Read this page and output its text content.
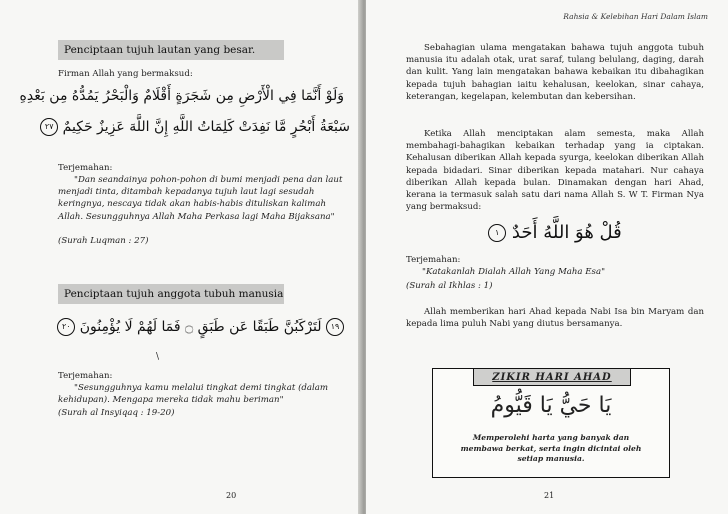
Penciptaan tujuh lautan yang besar.

Firman Allah yang bermaksud:

وَلَوْ أَنَّمَا فِي الْأَرْضِ مِن شَجَرَةٍ أَقْلَامٌ وَالْبَحْرُ يَمُدُّهُ مِن بَعْدِهِ
سَبْعَةُ أَبْحُرٍ مَّا نَفِدَتْ كَلِمَاتُ اللَّهِ إِنَّ اللَّهَ عَزِيزٌ حَكِيمٌ ٢٧

Terjemahan:

"Dan seandainya pohon-pohon di bumi menjadi pena dan laut menjadi tinta, ditambah kepadanya tujuh laut lagi sesudah keringnya, nescaya tidak akan habis-habis dituliskan kalimah Allah. Sesungguhnya Allah Maha Perkasa lagi Maha Bijaksana"

(Surah Luqman : 27)

Penciptaan tujuh anggota tubuh manusia
١٩ لَتَرْكَبُنَّ طَبَقًا عَن طَبَقٍ ۝ فَمَا لَهُمْ لَا يُؤْمِنُونَ ٢٠
\

Terjemahan:

"Sesungguhnya kamu melalui tingkat demi tingkat (dalam kehidupan). Mengapa mereka tidak mahu beriman"

(Surah al Insyiqaq : 19-20)

20
Rahsia & Kelebihan Hari Dalam Islam

Sebahagian ulama mengatakan bahawa tujuh anggota tubuh manusia itu adalah otak, urat saraf, tulang belulang, daging, darah dan kulit. Yang lain mengatakan bahawa kebaikan itu dibahagikan kepada tujuh bahagian iaitu kehalusan, keelokan, sinar cahaya, keterangan, kegelapan, kelembutan dan kebersihan.

Ketika Allah menciptakan alam semesta, maka Allah membahagi-bahagikan kebaikan terhadap yang ia ciptakan. Kehalusan diberikan Allah kepada syurga, keelokan diberikan Allah kepada bidadari. Sinar diberikan kepada matahari. Nur cahaya diberikan Allah kepada bulan. Dinamakan dengan hari Ahad, kerana ia termasuk salah satu dari nama Allah S. W T. Firman Nya yang bermaksud:

قُلْ هُوَ اللَّهُ أَحَدٌ ١

Terjemahan:

"Katakanlah Dialah Allah Yang Maha Esa"

(Surah al Ikhlas : 1)

Allah memberikan hari Ahad kepada Nabi Isa bin Maryam dan kepada lima puluh Nabi yang diutus bersamanya.

ZIKIR HARI AHAD
يَا حَيُّ يَا قَيُّومُ
Memperolehi harta yang banyak dan membawa berkat, serta ingin dicintai oleh setiap manusia.
21
